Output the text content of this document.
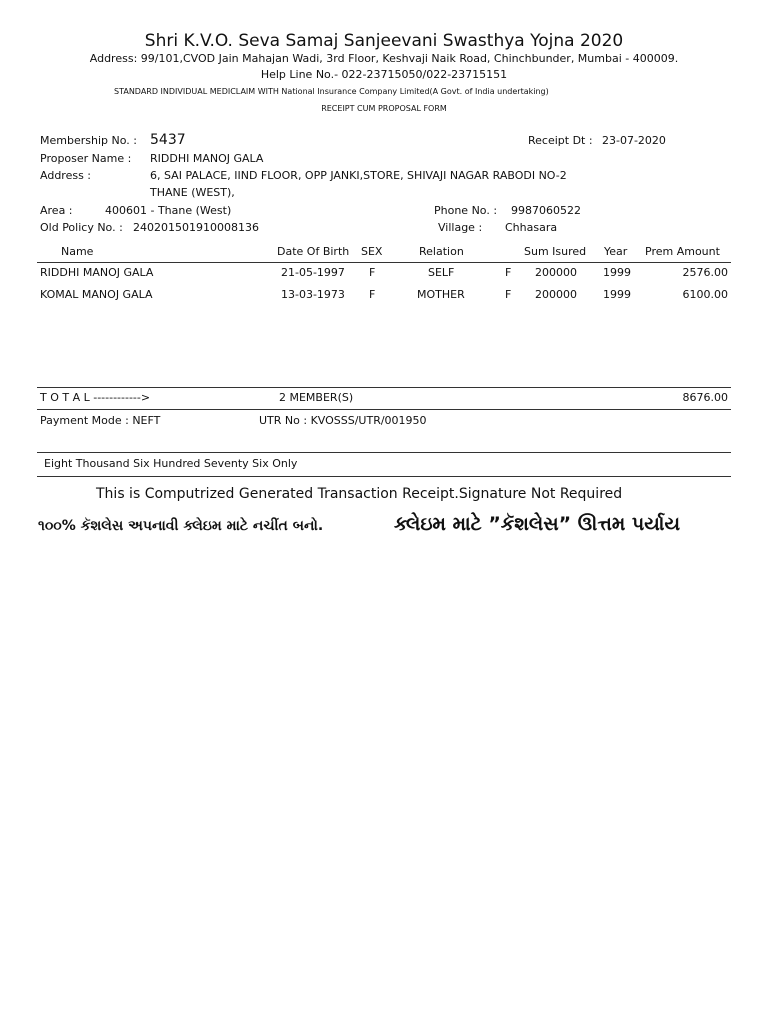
Shri K.V.O. Seva Samaj Sanjeevani Swasthya Yojna 2020
Address: 99/101,CVOD Jain Mahajan Wadi, 3rd Floor, Keshvaji Naik Road, Chinchbunder, Mumbai - 400009.
Help Line No.- 022-23715050/022-23715151
STANDARD INDIVIDUAL MEDICLAIM WITH National Insurance Company Limited(A Govt. of India undertaking)
RECEIPT CUM PROPOSAL FORM
Membership No. : 5437	Receipt Dt : 23-07-2020
Proposer Name : RIDDHI MANOJ GALA
Address :	6, SAI PALACE, IIND FLOOR, OPP JANKI,STORE, SHIVAJI NAGAR RABODI NO-2
THANE (WEST),
Area :	400601 - Thane (West)	Phone No. : 9987060522
Old Policy No. : 240201501910008136	Village : Chhasara
Name	Date Of Birth SEX	Relation	Sum Isured Year Prem Amount
RIDDHI MANOJ GALA	21-05-1997 F	SELF	F 200000 1999	2576.00
KOMAL MANOJ GALA	13-03-1973 F	MOTHER	F 200000 1999	6100.00
T O T A L ------------>	2 MEMBER(S)	8676.00
Payment Mode : NEFT	UTR No : KVOSSS/UTR/001950
Eight Thousand Six Hundred Seventy Six Only
This is Computrized Generated Transaction Receipt.Signature Not Required
૧૦૦% કૅશલેસ અપનાવી ક્લેઇમ માટે નચીંત બનો.	ક્લેઇમ માટે ”કૅશલેસ” ઊત્તમ પર્યાય
